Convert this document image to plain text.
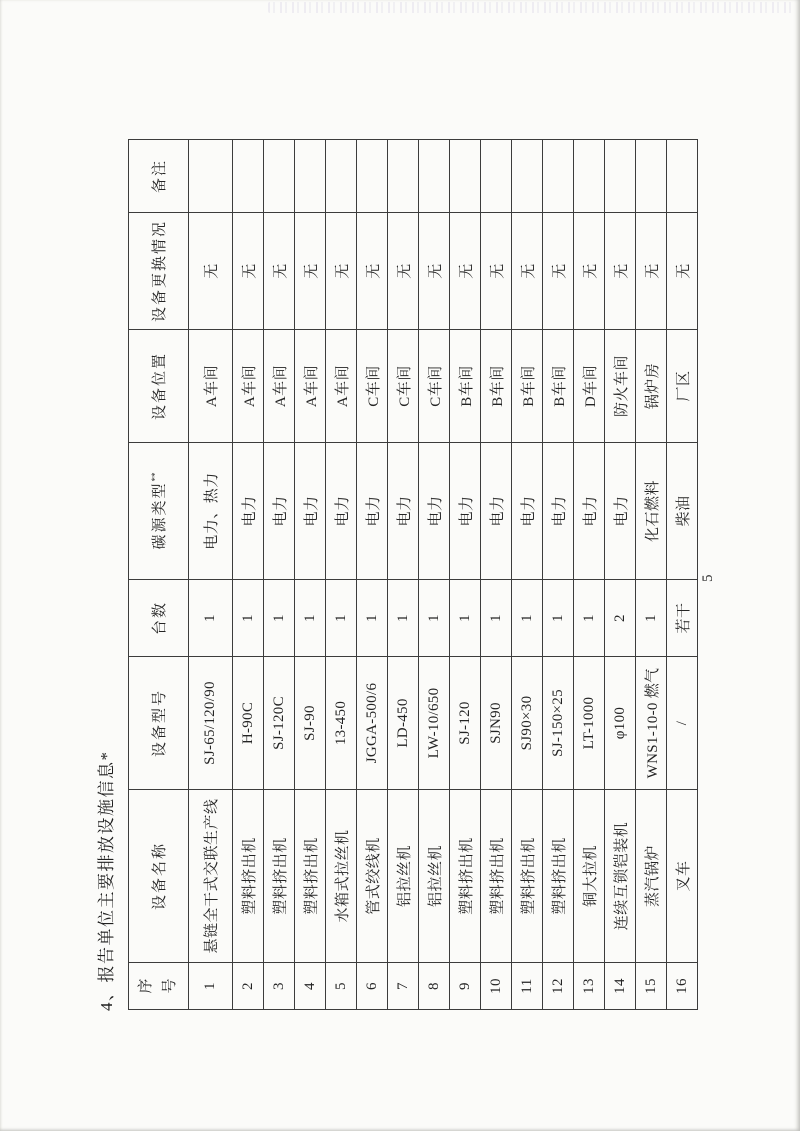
4、报告单位主要排放设施信息* 序号	设备名称	设备型号	台数	碳源类型**	设备位置	设备更换情况	备注
1	悬链全干式交联生产线	SJ-65/120/90	1	电力、热力	A车间	无	
2	塑料挤出机	H-90C	1	电力	A车间	无	
3	塑料挤出机	SJ-120C	1	电力	A车间	无	
4	塑料挤出机	SJ-90	1	电力	A车间	无	
5	水箱式拉丝机	13-450	1	电力	A车间	无	
6	管式绞线机	JGGA-500/6	1	电力	C车间	无	
7	铝拉丝机	LD-450	1	电力	C车间	无	
8	铝拉丝机	LW-10/650	1	电力	C车间	无	
9	塑料挤出机	SJ-120	1	电力	B车间	无	
10	塑料挤出机	SJN90	1	电力	B车间	无	
11	塑料挤出机	SJ90×30	1	电力	B车间	无	
12	塑料挤出机	SJ-150×25	1	电力	B车间	无	
13	铜大拉机	LT-1000	1	电力	D车间	无	
14	连续互锁铠装机	φ100	2	电力	防火车间	无	
15	蒸汽锅炉	WNS1-10-0 燃气	1	化石燃料	锅炉房	无	
16	叉车	/	若干	柴油	厂区	无	
5
